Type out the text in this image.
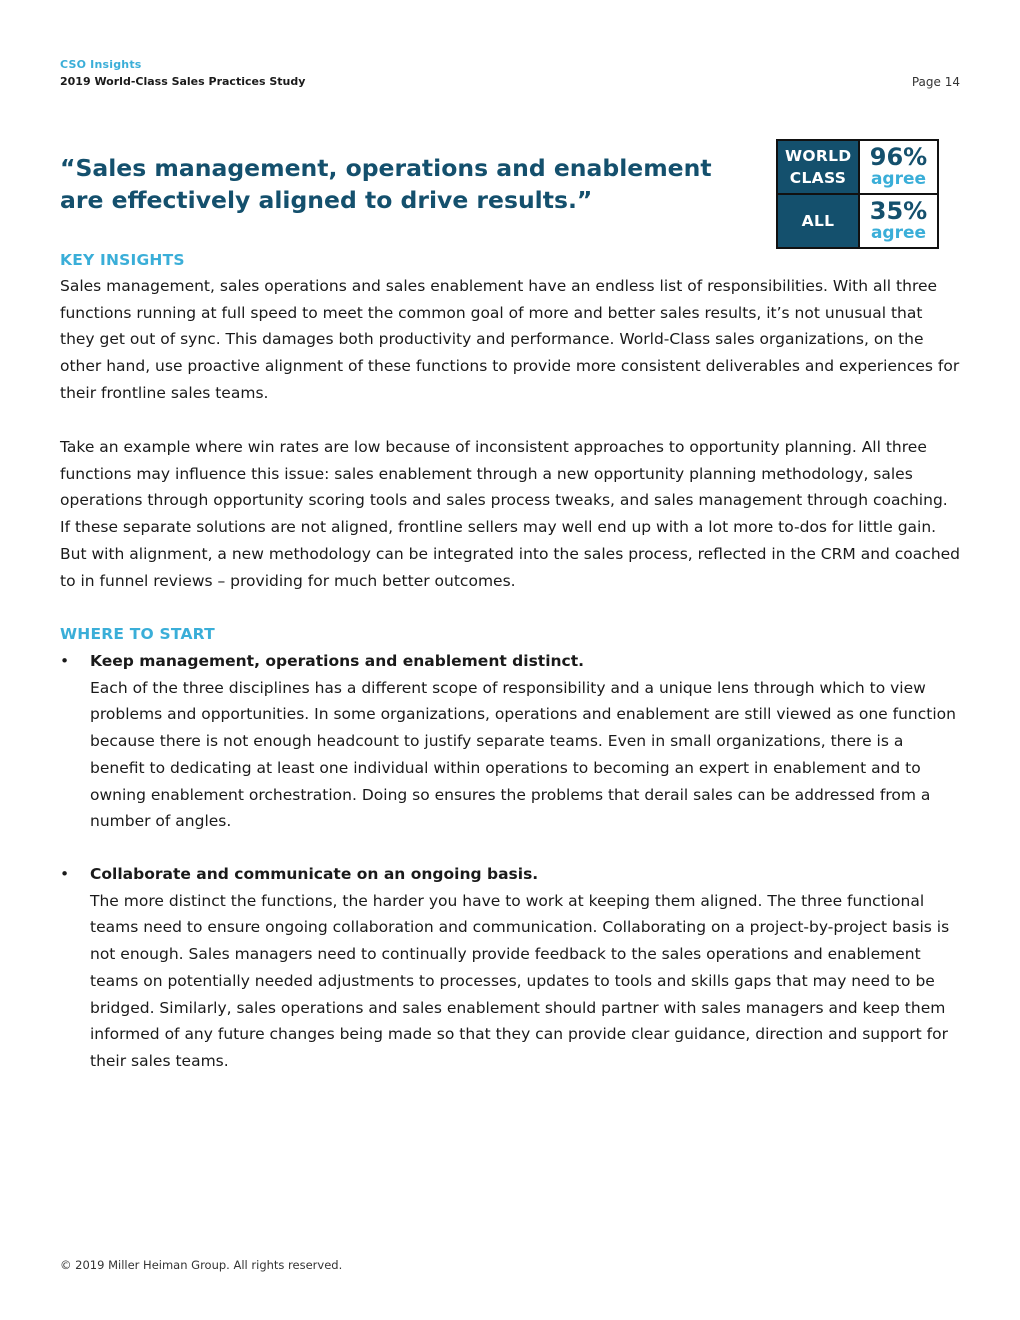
CSO Insights
2019 World-Class Sales Practices Study	Page 14
“Sales management, operations and enablement are effectively aligned to drive results.”
WORLD CLASS
96%
agree
ALL 35%
agree
KEY INSIGHTS

Sales management, sales operations and sales enablement have an endless list of responsibilities. With all three functions running at full speed to meet the common goal of more and better sales results, it’s not unusual that they get out of sync. This damages both productivity and performance. World-Class sales organizations, on the other hand, use proactive alignment of these functions to provide more consistent deliverables and experiences for their frontline sales teams.

Take an example where win rates are low because of inconsistent approaches to opportunity planning. All three functions may influence this issue: sales enablement through a new opportunity planning methodology, sales operations through opportunity scoring tools and sales process tweaks, and sales management through coaching. If these separate solutions are not aligned, frontline sellers may well end up with a lot more to-dos for little gain. But with alignment, a new methodology can be integrated into the sales process, reflected in the CRM and coached to in funnel reviews – providing for much better outcomes.

WHERE TO START
• Keep management, operations and enablement distinct.
Each of the three disciplines has a different scope of responsibility and a unique lens through which to view problems and opportunities. In some organizations, operations and enablement are still viewed as one function because there is not enough headcount to justify separate teams. Even in small organizations, there is a benefit to dedicating at least one individual within operations to becoming an expert in enablement and to owning enablement orchestration. Doing so ensures the problems that derail sales can be addressed from a number of angles.
• Collaborate and communicate on an ongoing basis.
The more distinct the functions, the harder you have to work at keeping them aligned. The three functional teams need to ensure ongoing collaboration and communication. Collaborating on a project-by-project basis is not enough. Sales managers need to continually provide feedback to the sales operations and enablement teams on potentially needed adjustments to processes, updates to tools and skills gaps that may need to be bridged. Similarly, sales operations and sales enablement should partner with sales managers and keep them informed of any future changes being made so that they can provide clear guidance, direction and support for their sales teams.
© 2019 Miller Heiman Group. All rights reserved.
